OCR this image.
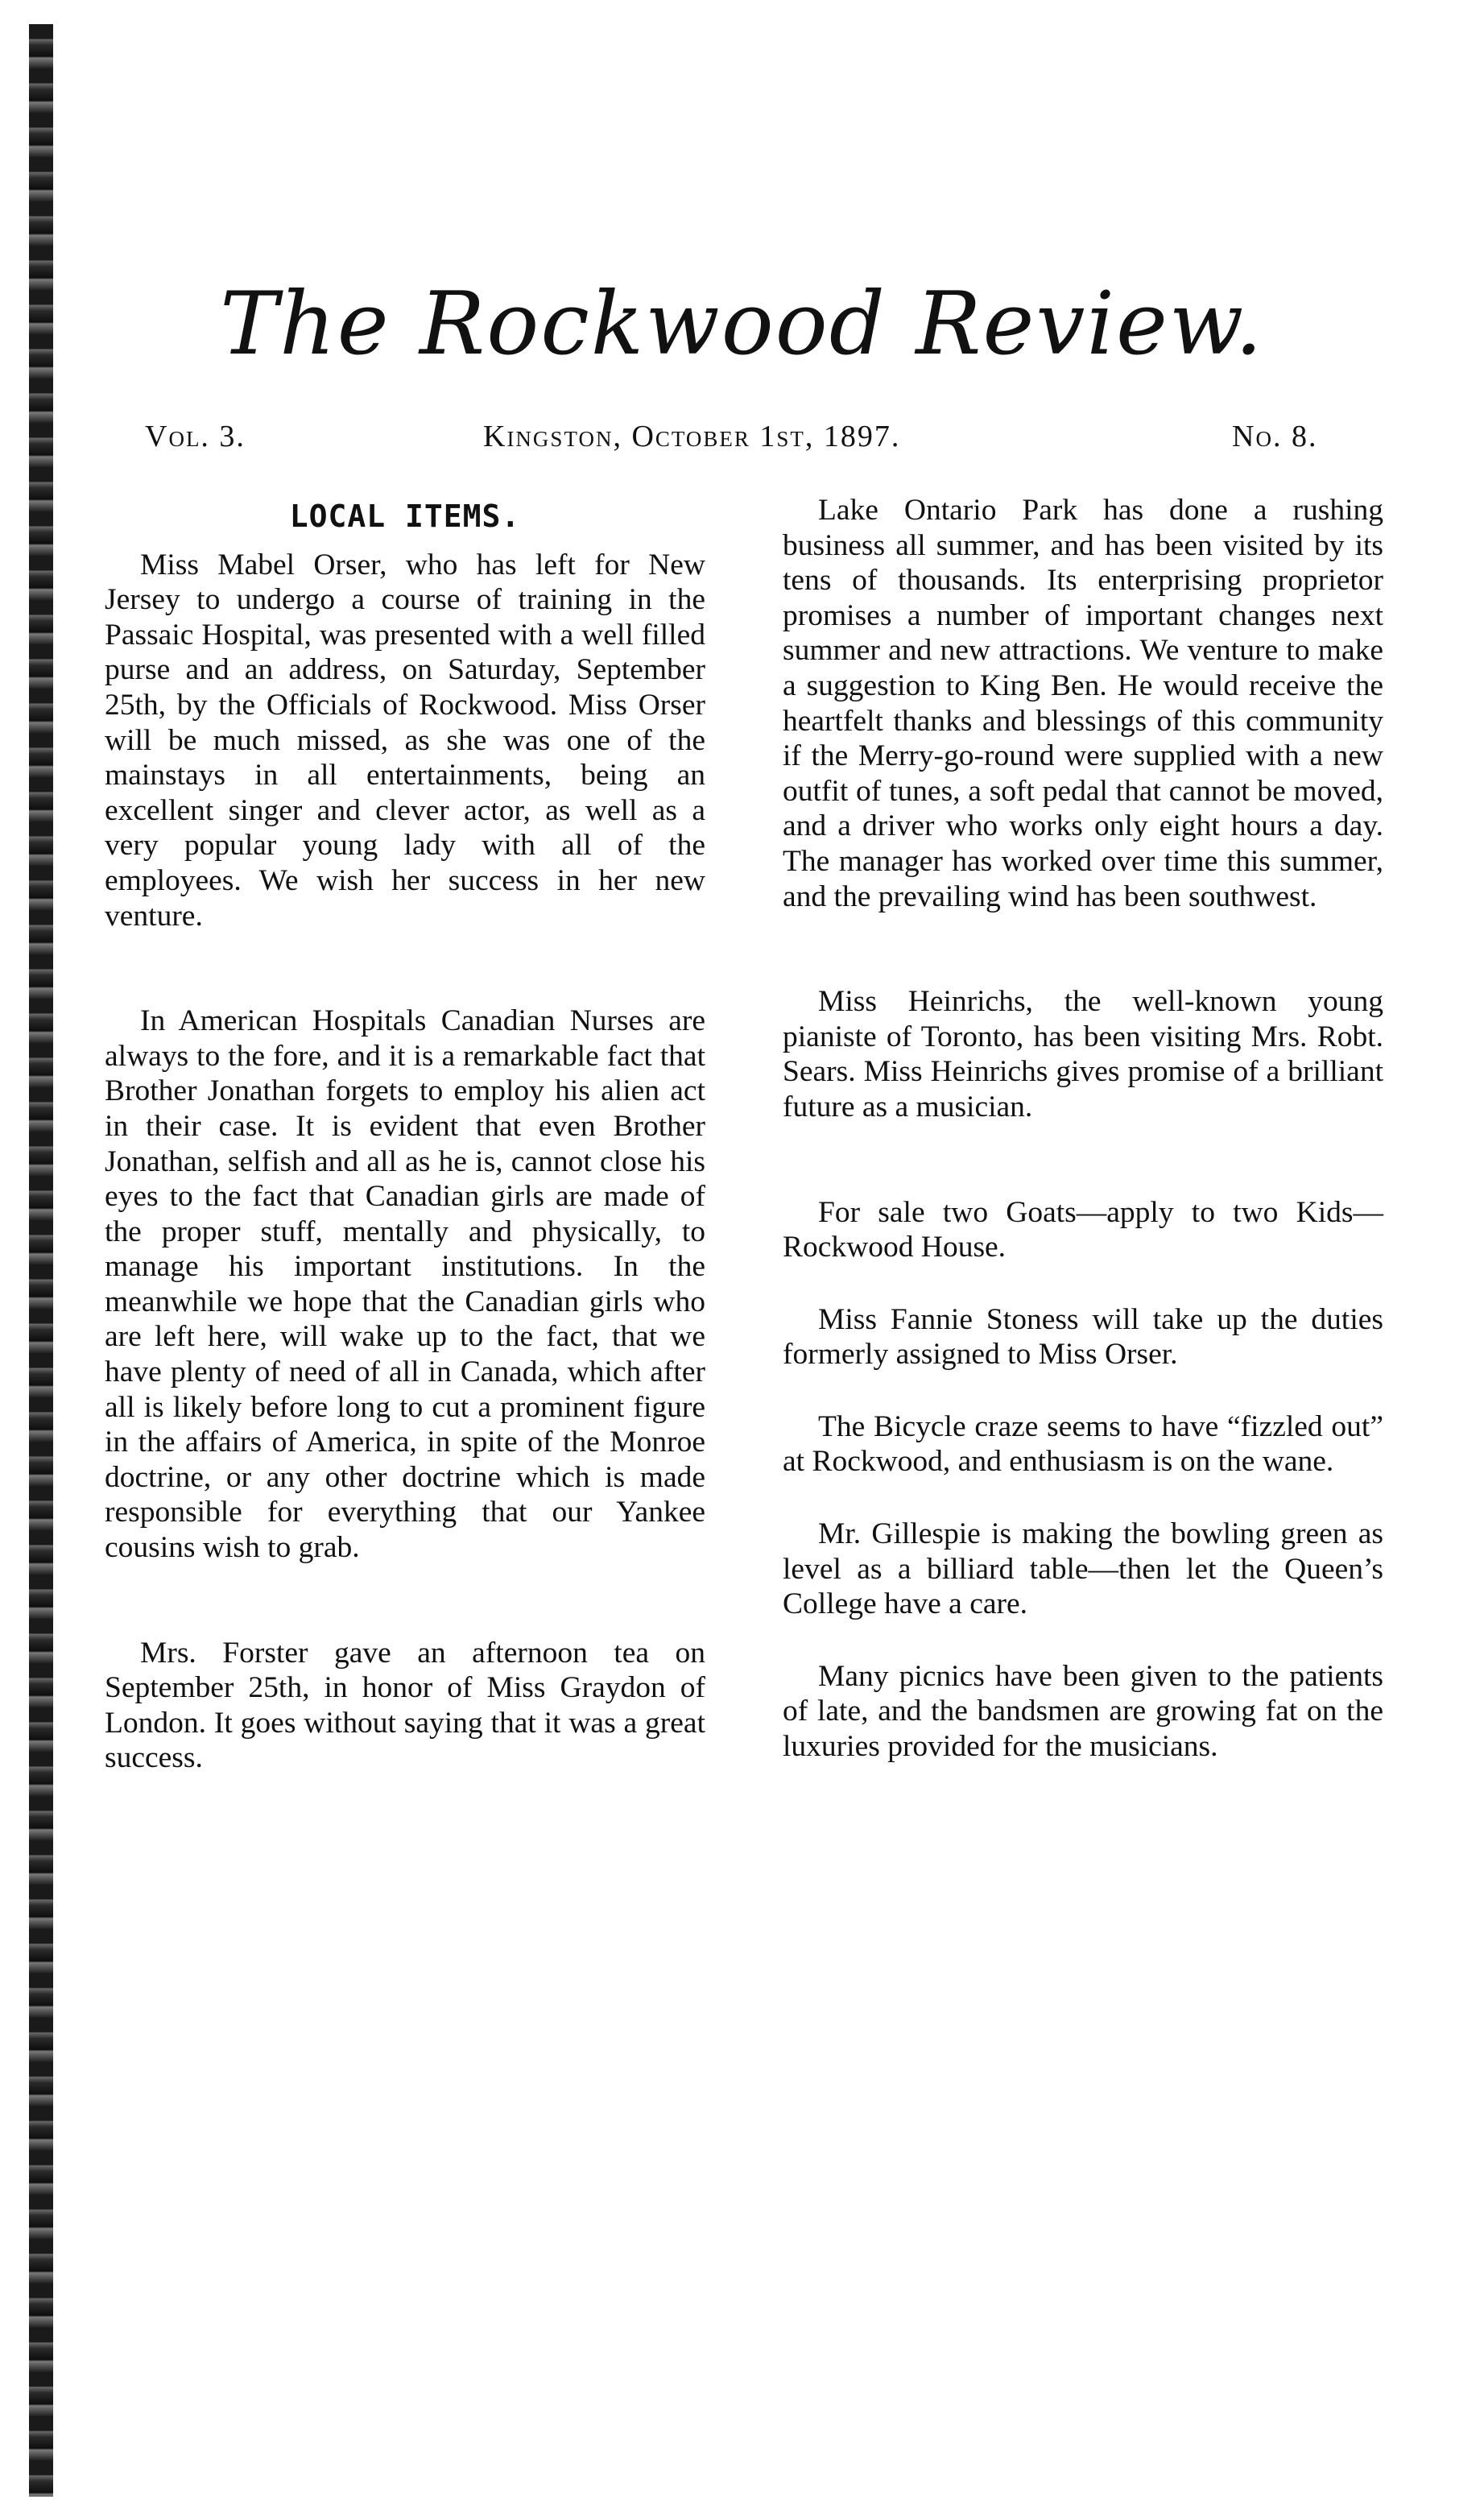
The Rockwood Review.
Vol. 3.	Kingston, October 1st, 1897.	No. 8.
LOCAL ITEMS.

Miss Mabel Orser, who has left for New Jersey to undergo a course of training in the Passaic Hospital, was presented with a well filled purse and an address, on Saturday, September 25th, by the Officials of Rockwood. Miss Orser will be much missed, as she was one of the mainstays in all entertainments, being an excellent singer and clever actor, as well as a very popular young lady with all of the employees. We wish her success in her new venture.

In American Hospitals Canadian Nurses are always to the fore, and it is a remarkable fact that Brother Jonathan forgets to employ his alien act in their case. It is evident that even Brother Jonathan, selfish and all as he is, cannot close his eyes to the fact that Canadian girls are made of the proper stuff, mentally and physically, to manage his important institutions. In the meanwhile we hope that the Canadian girls who are left here, will wake up to the fact, that we have plenty of need of all in Canada, which after all is likely before long to cut a prominent figure in the affairs of America, in spite of the Monroe doctrine, or any other doctrine which is made responsible for everything that our Yankee cousins wish to grab.

Mrs. Forster gave an afternoon tea on September 25th, in honor of Miss Graydon of London. It goes without saying that it was a great success.

Lake Ontario Park has done a rushing business all summer, and has been visited by its tens of thousands. Its enterprising proprietor promises a number of important changes next summer and new attractions. We venture to make a suggestion to King Ben. He would receive the heartfelt thanks and blessings of this community if the Merry-go-round were supplied with a new outfit of tunes, a soft pedal that cannot be moved, and a driver who works only eight hours a day. The manager has worked over time this summer, and the prevailing wind has been southwest.

Miss Heinrichs, the well-known young pianiste of Toronto, has been visiting Mrs. Robt. Sears. Miss Heinrichs gives promise of a brilliant future as a musician.

For sale two Goats—apply to two Kids—Rockwood House.

Miss Fannie Stoness will take up the duties formerly assigned to Miss Orser.

The Bicycle craze seems to have “fizzled out” at Rockwood, and enthusiasm is on the wane.

Mr. Gillespie is making the bowling green as level as a billiard table—then let the Queen’s College have a care.

Many picnics have been given to the patients of late, and the bandsmen are growing fat on the luxuries provided for the musicians.
